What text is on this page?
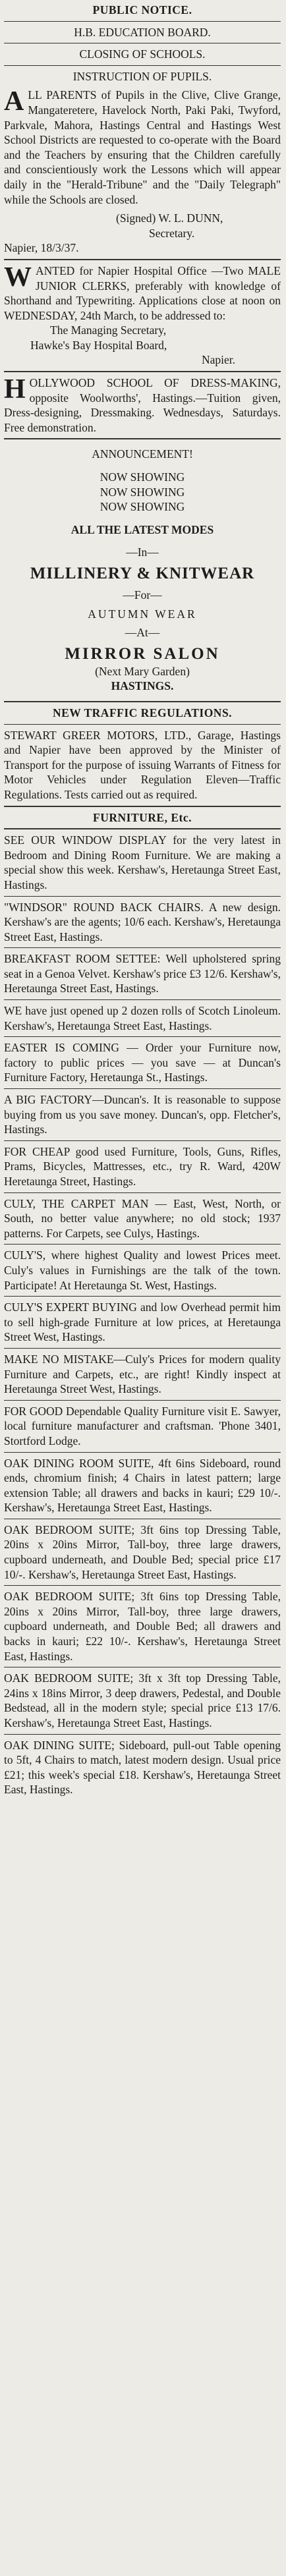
PUBLIC NOTICE.

H.B. EDUCATION BOARD.

CLOSING OF SCHOOLS.

INSTRUCTION OF PUPILS.

ALL PARENTS of Pupils in the Clive, Clive Grange, Mangateretere, Havelock North, Paki Paki, Twyford, Parkvale, Mahora, Hastings Central and Hastings West School Districts are requested to co-operate with the Board and the Teachers by ensuring that the Children carefully and conscientiously work the Lessons which will appear daily in the "Herald-Tribune" and the "Daily Telegraph" while the Schools are closed.

(Signed) W. L. DUNN,

Secretary.

Napier, 18/3/37.

WANTED for Napier Hospital Office —Two MALE JUNIOR CLERKS, preferably with knowledge of Shorthand and Typewriting. Applications close at noon on WEDNESDAY, 24th March, to be addressed to:

The Managing Secretary,

Hawke's Bay Hospital Board,

Napier.

HOLLYWOOD SCHOOL OF DRESS-MAKING, opposite Woolworths', Hastings.—Tuition given, Dress-designing, Dressmaking. Wednesdays, Saturdays. Free demonstration.

ANNOUNCEMENT!

NOW SHOWING

NOW SHOWING

NOW SHOWING

ALL THE LATEST MODES

—In—

MILLINERY & KNITWEAR

—For—

AUTUMN WEAR

—At—

MIRROR SALON

(Next Mary Garden)

HASTINGS.

NEW TRAFFIC REGULATIONS.

STEWART GREER MOTORS, LTD., Garage, Hastings and Napier have been approved by the Minister of Transport for the purpose of issuing Warrants of Fitness for Motor Vehicles under Regulation Eleven—Traffic Regulations. Tests carried out as required.

FURNITURE, Etc.

SEE OUR WINDOW DISPLAY for the very latest in Bedroom and Dining Room Furniture. We are making a special show this week. Kershaw's, Heretaunga Street East, Hastings.

"WINDSOR" ROUND BACK CHAIRS. A new design. Kershaw's are the agents; 10/6 each. Kershaw's, Heretaunga Street East, Hastings.

BREAKFAST ROOM SETTEE: Well upholstered spring seat in a Genoa Velvet. Kershaw's price £3 12/6. Kershaw's, Heretaunga Street East, Hastings.

WE have just opened up 2 dozen rolls of Scotch Linoleum. Kershaw's, Heretaunga Street East, Hastings.

EASTER IS COMING — Order your Furniture now, factory to public prices — you save — at Duncan's Furniture Factory, Heretaunga St., Hastings.

A BIG FACTORY—Duncan's. It is reasonable to suppose buying from us you save money. Duncan's, opp. Fletcher's, Hastings.

FOR CHEAP good used Furniture, Tools, Guns, Rifles, Prams, Bicycles, Mattresses, etc., try R. Ward, 420W Heretaunga Street, Hastings.

CULY, THE CARPET MAN — East, West, North, or South, no better value anywhere; no old stock; 1937 patterns. For Carpets, see Culys, Hastings.

CULY'S, where highest Quality and lowest Prices meet. Culy's values in Furnishings are the talk of the town. Participate! At Heretaunga St. West, Hastings.

CULY'S EXPERT BUYING and low Overhead permit him to sell high-grade Furniture at low prices, at Heretaunga Street West, Hastings.

MAKE NO MISTAKE—Culy's Prices for modern quality Furniture and Carpets, etc., are right! Kindly inspect at Heretaunga Street West, Hastings.

FOR GOOD Dependable Quality Furniture visit E. Sawyer, local furniture manufacturer and craftsman. 'Phone 3401, Stortford Lodge.

OAK DINING ROOM SUITE, 4ft 6ins Sideboard, round ends, chromium finish; 4 Chairs in latest pattern; large extension Table; all drawers and backs in kauri; £29 10/-. Kershaw's, Heretaunga Street East, Hastings.

OAK BEDROOM SUITE; 3ft 6ins top Dressing Table, 20ins x 20ins Mirror, Tall-boy, three large drawers, cupboard underneath, and Double Bed; special price £17 10/-. Kershaw's, Heretaunga Street East, Hastings.

OAK BEDROOM SUITE; 3ft 6ins top Dressing Table, 20ins x 20ins Mirror, Tall-boy, three large drawers, cupboard underneath, and Double Bed; all drawers and backs in kauri; £22 10/-. Kershaw's, Heretaunga Street East, Hastings.

OAK BEDROOM SUITE; 3ft x 3ft top Dressing Table, 24ins x 18ins Mirror, 3 deep drawers, Pedestal, and Double Bedstead, all in the modern style; special price £13 17/6. Kershaw's, Heretaunga Street East, Hastings.

OAK DINING SUITE; Sideboard, pull-out Table opening to 5ft, 4 Chairs to match, latest modern design. Usual price £21; this week's special £18. Kershaw's, Heretaunga Street East, Hastings.
